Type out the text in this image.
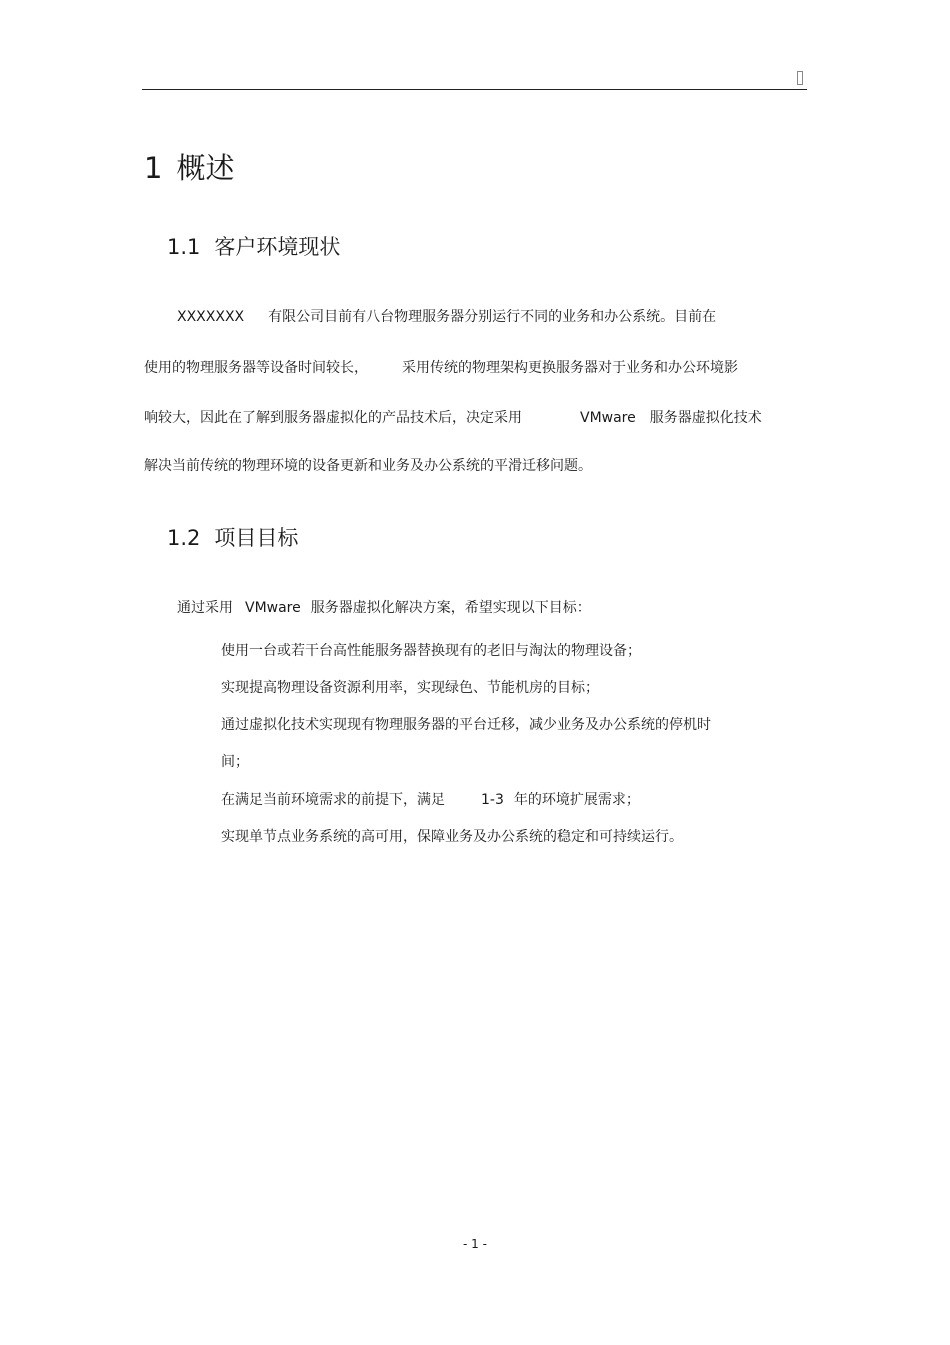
1 概述
1.1 客户环境现状
XXXXXXX 有限公司目前有八台物理服务器分别运行不同的业务和办公系统。目前在
使用的物理服务器等设备时间较长， 采用传统的物理架构更换服务器对于业务和办公环境影
响较大，因此在了解到服务器虚拟化的产品技术后，决定采用	VMware 服务器虚拟化技术
解决当前传统的物理环境的设备更新和业务及办公系统的平滑迁移问题。
1.2 项目目标
通过采用 VMware 服务器虚拟化解决方案，希望实现以下目标：
使用一台或若干台高性能服务器替换现有的老旧与淘汰的物理设备；
实现提高物理设备资源利用率，实现绿色、节能机房的目标；
通过虚拟化技术实现现有物理服务器的平台迁移，减少业务及办公系统的停机时
间；
在满足当前环境需求的前提下，满足	1-3 年的环境扩展需求；
实现单节点业务系统的高可用，保障业务及办公系统的稳定和可持续运行。
- 1 -
